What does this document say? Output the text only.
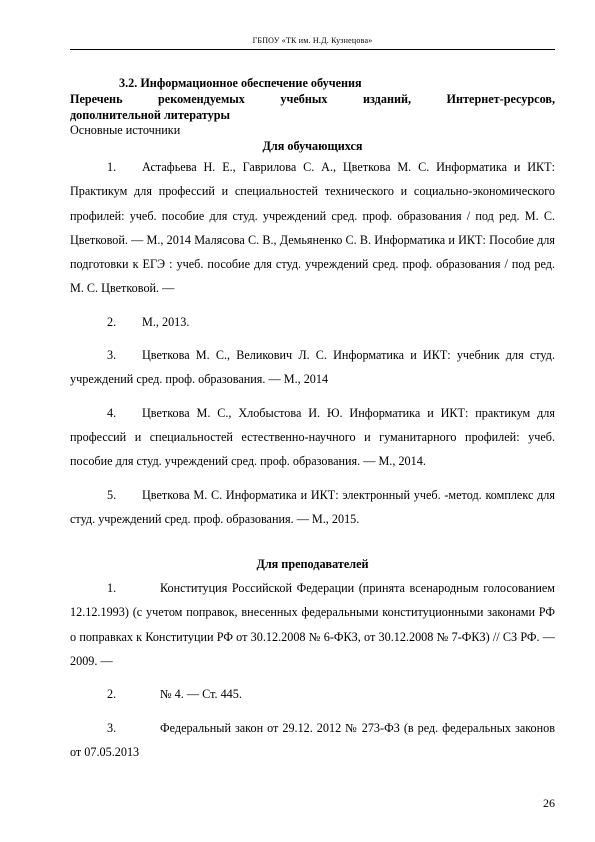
ГБПОУ «ТК им. Н.Д. Кузнецова»
3.2. Информационное обеспечение обучения
Перечень рекомендуемых учебных изданий, Интернет-ресурсов,
дополнительной литературы
Основные источники
Для обучающихся

1. Астафьева Н. Е., Гаврилова С. А., Цветкова М. С. Информатика и ИКТ: Практикум для профессий и специальностей технического и социально-экономического профилей: учеб. пособие для студ. учреждений сред. проф. образования / под ред. М. С. Цветковой. — М., 2014 Малясова С. В., Демьяненко С. В. Информатика и ИКТ: Пособие для подготовки к ЕГЭ : учеб. пособие для студ. учреждений сред. проф. образования / под ред. М. С. Цветковой. —

2. М., 2013.

3. Цветкова М. С., Великович Л. С. Информатика и ИКТ: учебник для студ. учреждений сред. проф. образования. — М., 2014

4. Цветкова М. С., Хлобыстова И. Ю. Информатика и ИКТ: практикум для профессий и специальностей естественно-научного и гуманитарного профилей: учеб. пособие для студ. учреждений сред. проф. образования. — М., 2014.

5. Цветкова М. С. Информатика и ИКТ: электронный учеб. -метод. комплекс для студ. учреждений сред. проф. образования. — М., 2015.

Для преподавателей

1.	Конституция Российской Федерации (принята всенародным голосованием 12.12.1993) (с учетом поправок, внесенных федеральными конституционными законами РФ о поправках к Конституции РФ от 30.12.2008 № 6-ФКЗ, от 30.12.2008 № 7-ФКЗ) // СЗ РФ. — 2009. —

2.	№ 4. — Ст. 445.

3.	Федеральный закон от 29.12. 2012 № 273-ФЗ (в ред. федеральных законов от 07.05.2013

26
